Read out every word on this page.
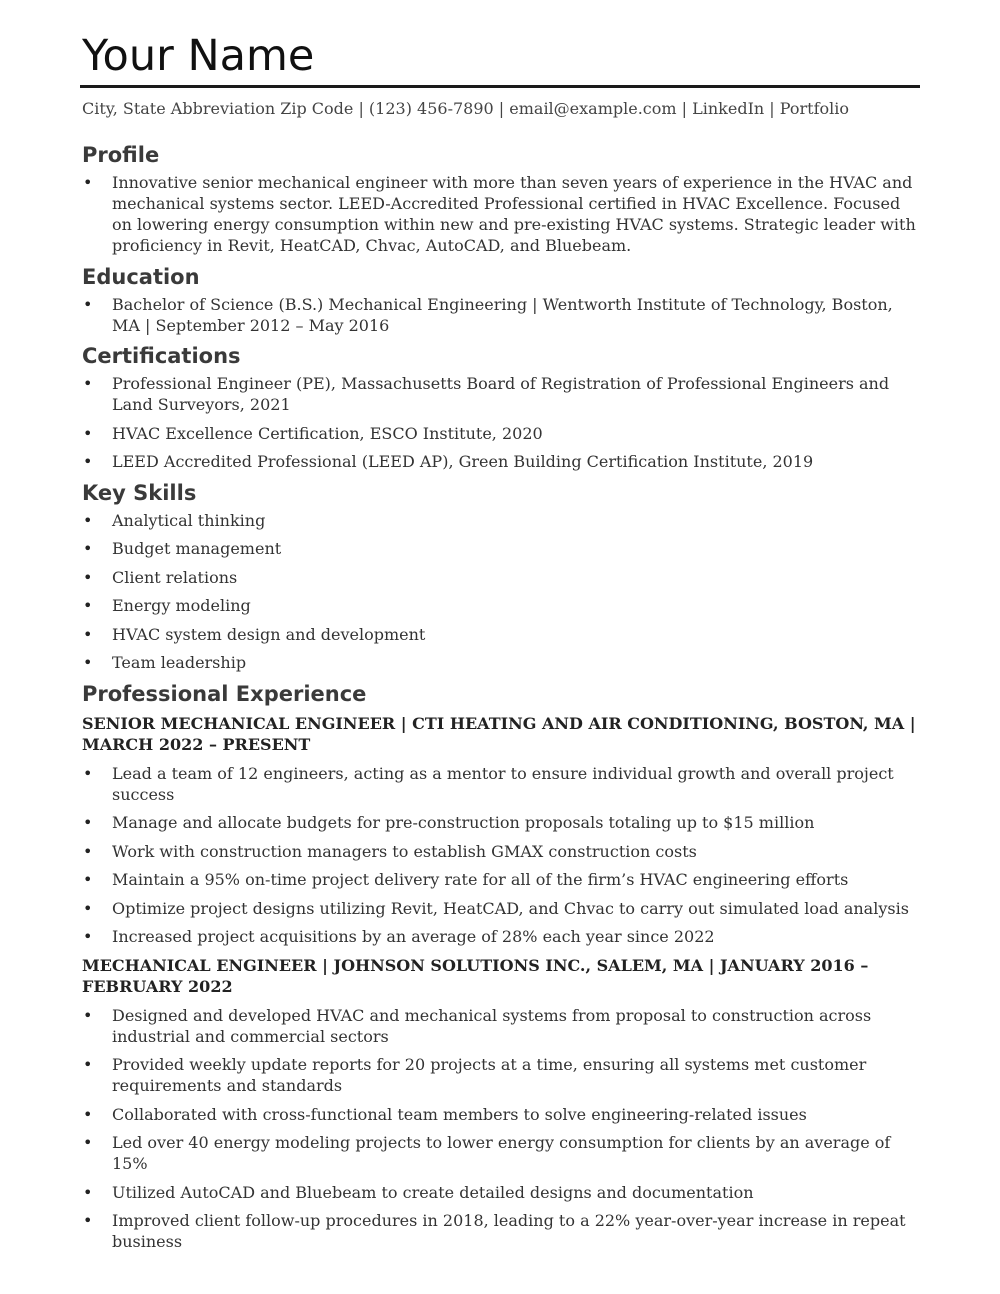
Your Name
City, State Abbreviation Zip Code | (123) 456-7890 | email@example.com | LinkedIn | Portfolio
Profile
• Innovative senior mechanical engineer with more than seven years of experience in the HVAC and mechanical systems sector. LEED-Accredited Professional certified in HVAC Excellence. Focused on lowering energy consumption within new and pre-existing HVAC systems. Strategic leader with proficiency in Revit, HeatCAD, Chvac, AutoCAD, and Bluebeam.
Education
• Bachelor of Science (B.S.) Mechanical Engineering | Wentworth Institute of Technology, Boston, MA | September 2012 – May 2016
Certifications
• Professional Engineer (PE), Massachusetts Board of Registration of Professional Engineers and Land Surveyors, 2021
• HVAC Excellence Certification, ESCO Institute, 2020
• LEED Accredited Professional (LEED AP), Green Building Certification Institute, 2019
Key Skills
• Analytical thinking
• Budget management
• Client relations
• Energy modeling
• HVAC system design and development
• Team leadership
Professional Experience
SENIOR MECHANICAL ENGINEER | CTI HEATING AND AIR CONDITIONING, BOSTON, MA | MARCH 2022 – PRESENT
• Lead a team of 12 engineers, acting as a mentor to ensure individual growth and overall project success
• Manage and allocate budgets for pre-construction proposals totaling up to $15 million
• Work with construction managers to establish GMAX construction costs
• Maintain a 95% on-time project delivery rate for all of the firm’s HVAC engineering efforts
• Optimize project designs utilizing Revit, HeatCAD, and Chvac to carry out simulated load analysis
• Increased project acquisitions by an average of 28% each year since 2022
MECHANICAL ENGINEER | JOHNSON SOLUTIONS INC., SALEM, MA | JANUARY 2016 – FEBRUARY 2022
• Designed and developed HVAC and mechanical systems from proposal to construction across industrial and commercial sectors
• Provided weekly update reports for 20 projects at a time, ensuring all systems met customer requirements and standards
• Collaborated with cross-functional team members to solve engineering-related issues
• Led over 40 energy modeling projects to lower energy consumption for clients by an average of 15%
• Utilized AutoCAD and Bluebeam to create detailed designs and documentation
• Improved client follow-up procedures in 2018, leading to a 22% year-over-year increase in repeat business
